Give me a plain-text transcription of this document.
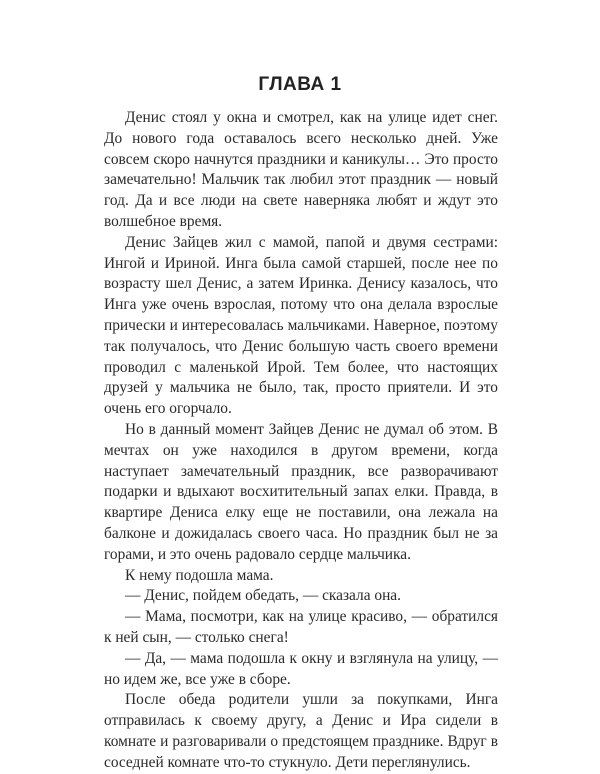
ГЛАВА 1

Денис стоял у окна и смотрел, как на улице идет снег. До нового года оставалось всего несколько дней. Уже совсем скоро начнутся праздники и каникулы… Это просто замечательно! Мальчик так любил этот праздник — новый год. Да и все люди на свете наверняка любят и ждут это волшебное время.

Денис Зайцев жил с мамой, папой и двумя сестрами: Ингой и Ириной. Инга была самой старшей, после нее по возрасту шел Денис, а затем Иринка. Денису казалось, что Инга уже очень взрослая, потому что она делала взрослые прически и интересовалась мальчиками. Наверное, поэтому так получалось, что Денис большую часть своего времени проводил с маленькой Ирой. Тем более, что настоящих друзей у мальчика не было, так, просто приятели. И это очень его огорчало.

Но в данный момент Зайцев Денис не думал об этом. В мечтах он уже находился в другом времени, когда наступает замечательный праздник, все разворачивают подарки и вдыхают восхитительный запах елки. Правда, в квартире Дениса елку еще не поставили, она лежала на балконе и дожидалась своего часа. Но праздник был не за горами, и это очень радовало сердце мальчика.

К нему подошла мама.

— Денис, пойдем обедать, — сказала она.

— Мама, посмотри, как на улице красиво, — обратился к ней сын, — столько снега!

— Да, — мама подошла к окну и взглянула на улицу, — но идем же, все уже в сборе.

После обеда родители ушли за покупками, Инга отправилась к своему другу, а Денис и Ира сидели в комнате и разговаривали о предстоящем празднике. Вдруг в соседней комнате что-то стукнуло. Дети переглянулись.
